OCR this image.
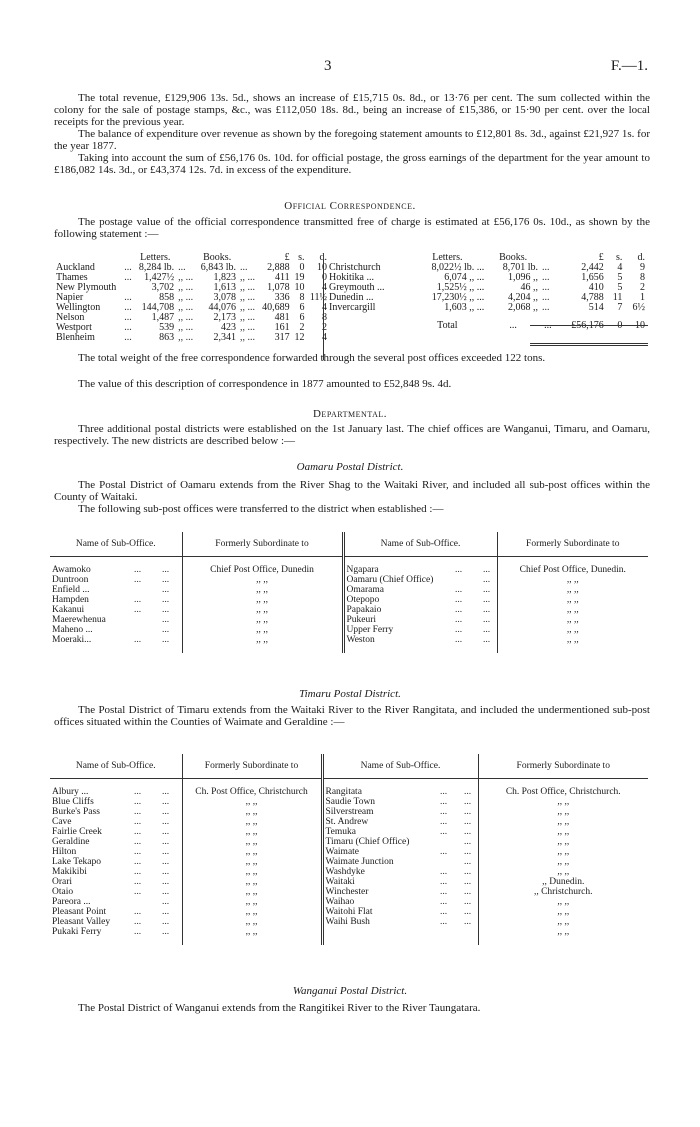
3	F.—1.

The total revenue, £129,906 13s. 5d., shows an increase of £15,715 0s. 8d., or 13·76 per cent. The sum collected within the colony for the sale of postage stamps, &c., was £112,050 18s. 8d., being an increase of £15,386, or 15·90 per cent. over the local receipts for the previous year.

The balance of expenditure over revenue as shown by the foregoing statement amounts to £12,801 8s. 3d., against £21,927 1s. for the year 1877.

Taking into account the sum of £56,176 0s. 10d. for official postage, the gross earnings of the department for the year amount to £186,082 14s. 3d., or £43,374 12s. 7d. in excess of the expenditure.

Official Correspondence.

The postage value of the official correspondence transmitted free of charge is estimated at £56,176 0s. 10d., as shown by the following statement :—

		Letters.		Books.		£	s.	d.
Auckland	...	8,284 lb.	...	6,843 lb.	...	2,888	0	10
Thames	...	1,427½	,, ...	1,823	,, ...	411	19	0
New Plymouth		3,702	,, ...	1,613	,, ...	1,078	10	4
Napier	...	858	,, ...	3,078	,, ...	336	8	11½
Wellington	...	144,708	,, ...	44,076	,, ...	40,689	6	4
Nelson	...	1,487	,, ...	2,173	,, ...	481	6	8
Westport	...	539	,, ...	423	,, ...	161	2	2
Blenheim	...	863	,, ...	2,341	,, ...	317	12	4
	Letters.	Books.		£	s.	d.
Christchurch	8,022½ lb. ...	8,701 lb.	...	2,442	4	9
Hokitika ...	6,074 ,, ...	1,096 ,,	...	1,656	5	8
Greymouth ...	1,525½ ,, ...	46 ,,	...	410	5	2
Dunedin ...	17,230½ ,, ...	4,204 ,,	...	4,788	11	1
Invercargill	1,603 ,, ...	2,068 ,,	...	514	7	6½

	Total	...	...	£56,176	0	10

The total weight of the free correspondence forwarded through the several post offices exceeded 122 tons.

The value of this description of correspondence in 1877 amounted to £52,848 9s. 4d.

Departmental.

Three additional postal districts were established on the 1st January last. The chief offices are Wanganui, Timaru, and Oamaru, respectively. The new districts are described below :—

Oamaru Postal District.

The Postal District of Oamaru extends from the River Shag to the Waitaki River, and included all sub-post offices within the County of Waitaki.

The following sub-post offices were transferred to the district when established :—

Name of Sub-Office.			Formerly Subordinate to	Name of Sub-Office.			Formerly Subordinate to

Awamoko	...	...	Chief Post Office, Dunedin	Ngapara	...	...	Chief Post Office, Dunedin.
Duntroon	...	...	,, ,,	Oamaru (Chief Office)		...	,, ,,
Enfield ...		...	,, ,,	Omarama	...	...	,, ,,
Hampden	...	...	,, ,,	Otepopo	...	...	,, ,,
Kakanui	...	...	,, ,,	Papakaio	...	...	,, ,,
Maerewhenua		...	,, ,,	Pukeuri	...	...	,, ,,
Maheno ...		...	,, ,,	Upper Ferry	...	...	,, ,,
Moeraki...	...	...	,, ,,	Weston	...	...	,, ,,

Timaru Postal District.

The Postal District of Timaru extends from the Waitaki River to the River Rangitata, and included the undermentioned sub-post offices situated within the Counties of Waimate and Geraldine :—

Name of Sub-Office.			Formerly Subordinate to	Name of Sub-Office.			Formerly Subordinate to

Albury ...	...	...	Ch. Post Office, Christchurch	Rangitata	...	...	Ch. Post Office, Christchurch.
Blue Cliffs	...	...	,, ,,	Saudie Town	...	...	,, ,,
Burke's Pass	...	...	,, ,,	Silverstream	...	...	,, ,,
Cave	...	...	,, ,,	St. Andrew	...	...	,, ,,
Fairlie Creek	...	...	,, ,,	Temuka	...	...	,, ,,
Geraldine	...	...	,, ,,	Timaru (Chief Office)		...	,, ,,
Hilton	...	...	,, ,,	Waimate	...	...	,, ,,
Lake Tekapo	...	...	,, ,,	Waimate Junction		...	,, ,,
Makikibi	...	...	,, ,,	Washdyke	...	...	,, ,,
Orari	...	...	,, ,,	Waitaki	...	...	,, Dunedin.
Otaio	...	...	,, ,,	Winchester	...	...	,, Christchurch.
Pareora ...		...	,, ,,	Waihao	...	...	,, ,,
Pleasant Point	...	...	,, ,,	Waitohi Flat	...	...	,, ,,
Pleasant Valley	...	...	,, ,,	Waihi Bush	...	...	,, ,,
Pukaki Ferry	...	...	,, ,,				,, ,,

Wanganui Postal District.

The Postal District of Wanganui extends from the Rangitikei River to the River Taungatara.
